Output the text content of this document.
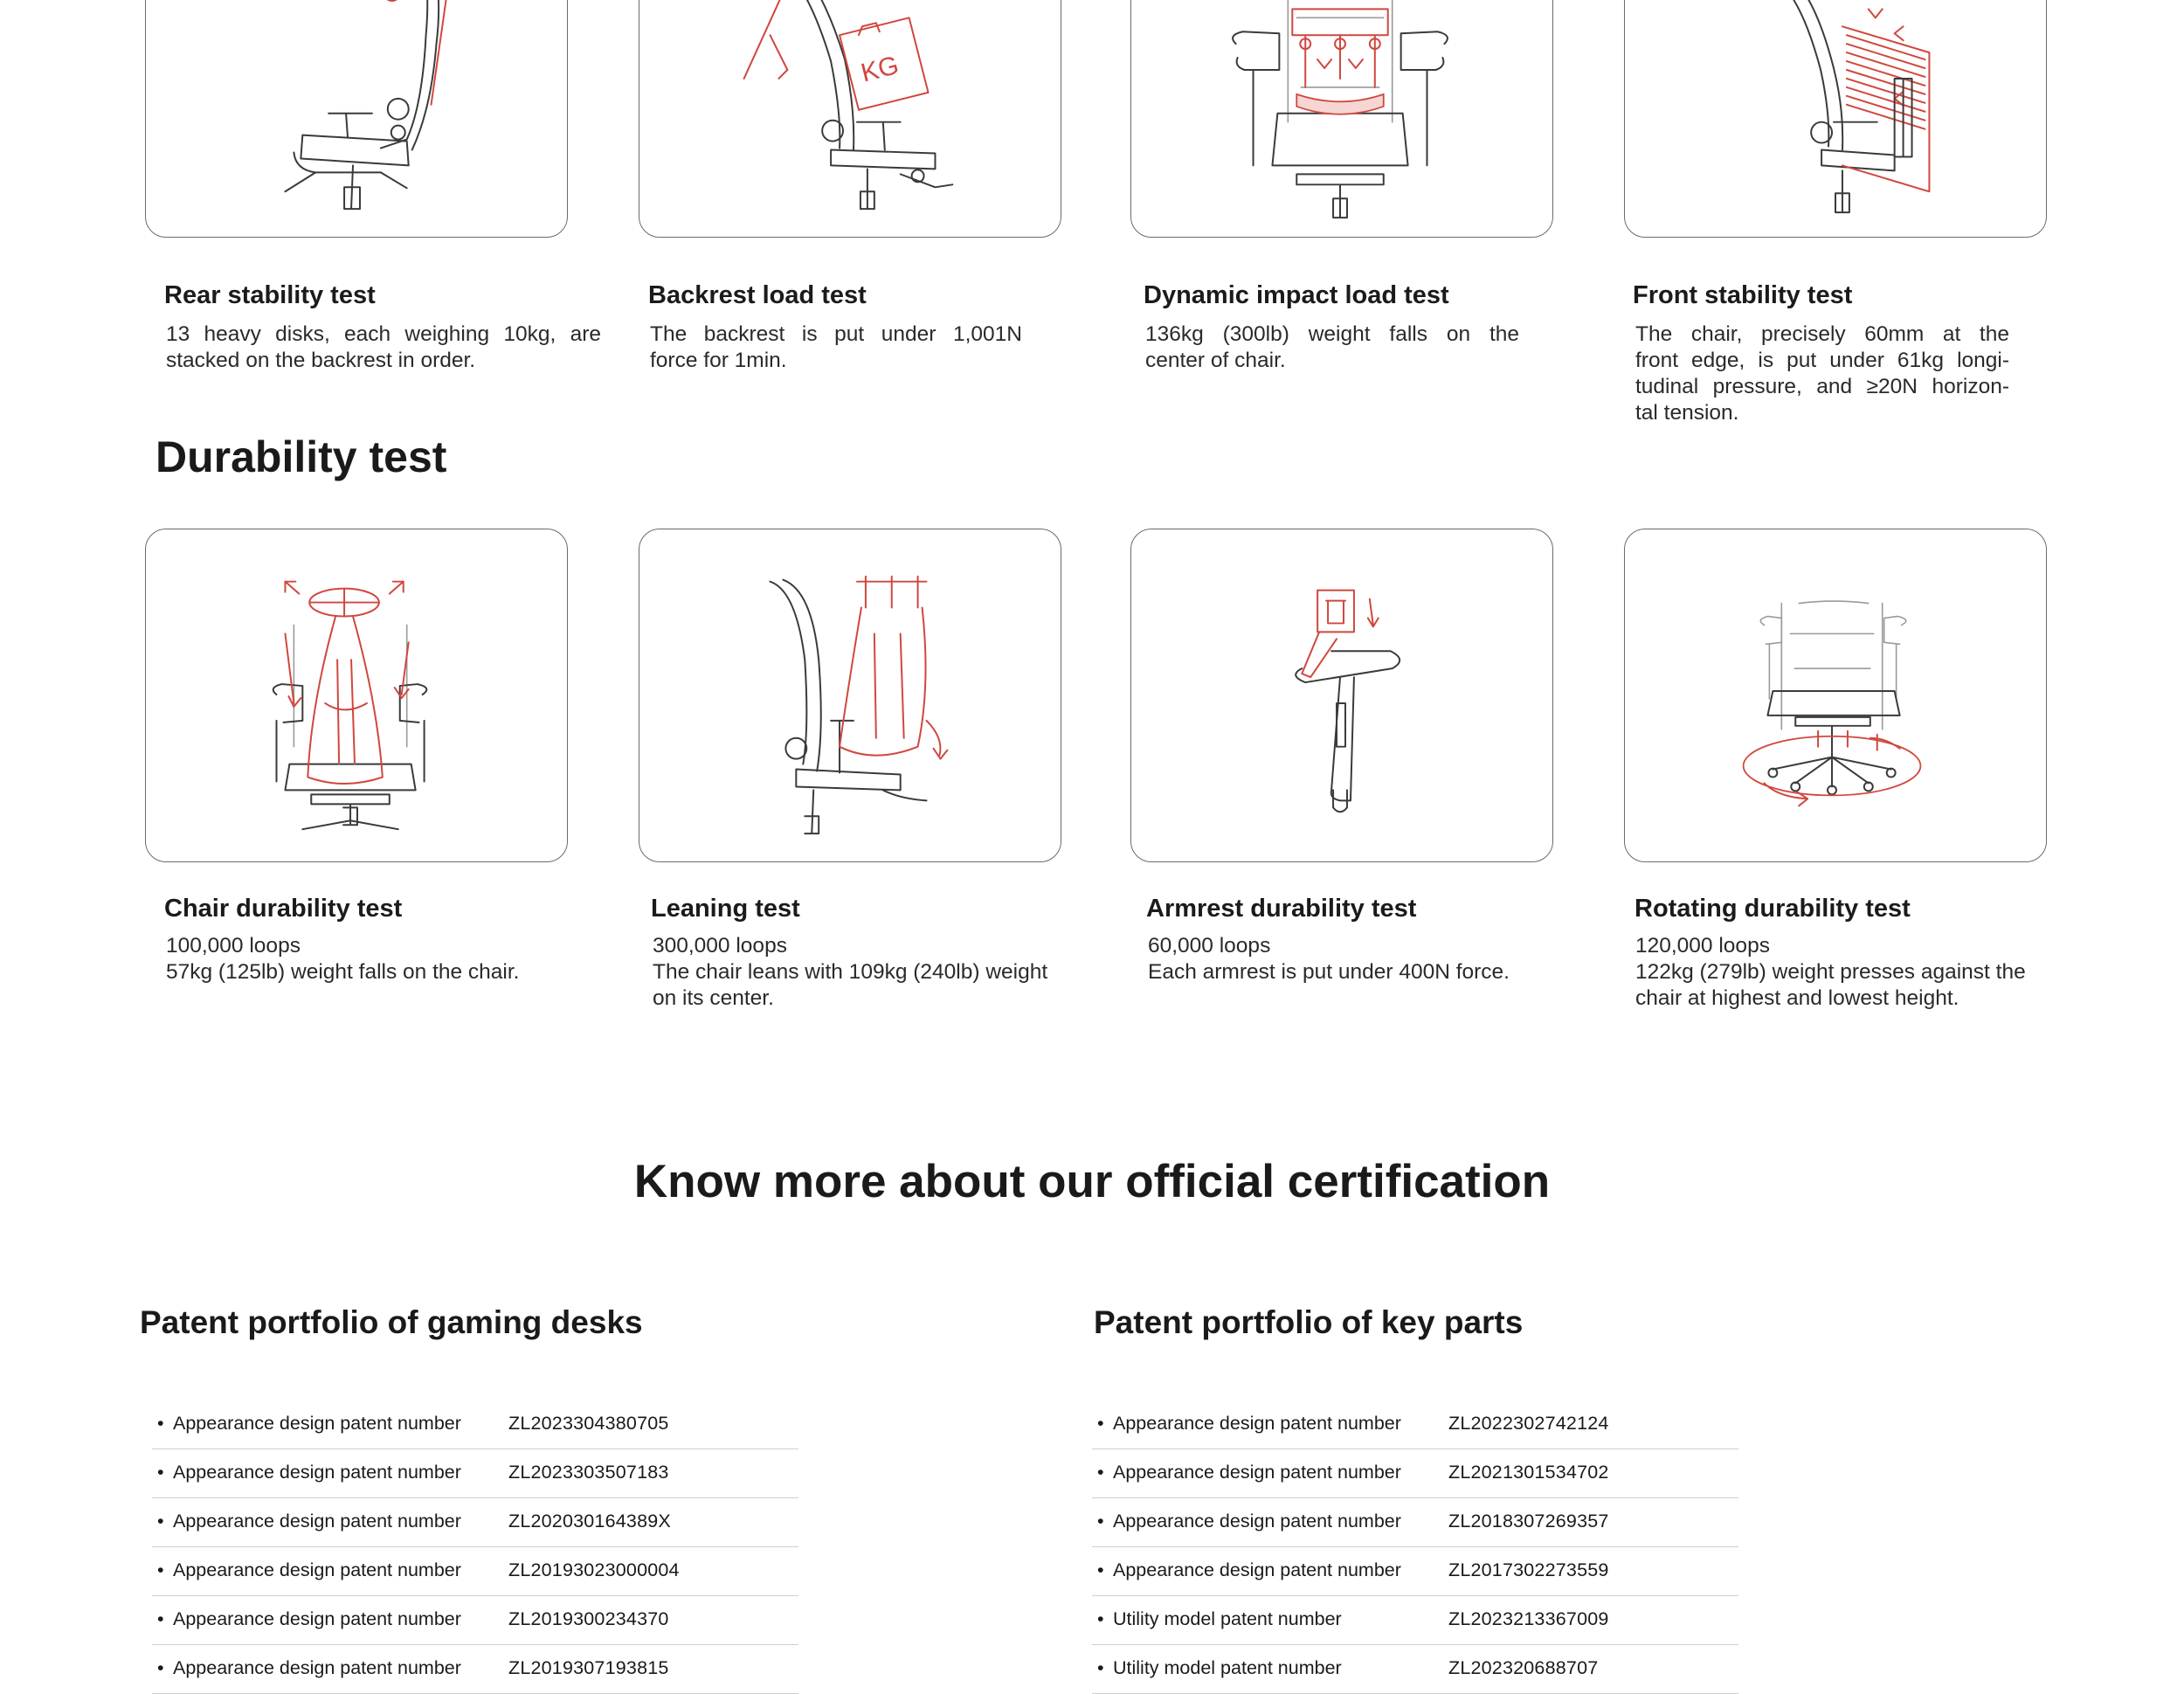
KG
Rear stability test
13 heavy disks, each weighing 10kg, are
stacked on the backrest in order.
Backrest load test
The backrest is put under 1,001N
force for 1min.
Dynamic impact load test
136kg (300lb) weight falls on the
center of chair.
Front stability test
The chair, precisely 60mm at the
front edge, is put under 61kg longi-
tudinal pressure, and ≥20N horizon-
tal tension.
Durability test
Chair durability test
100,000 loops
57kg (125lb) weight falls on the chair.
Leaning test
300,000 loops
The chair leans with 109kg (240lb) weight
on its center.
Armrest durability test
60,000 loops
Each armrest is put under 400N force.
Rotating durability test
120,000 loops
122kg (279lb) weight presses against the
chair at highest and lowest height.
Know more about our official certification
Patent portfolio of gaming desks	Patent portfolio of key parts
• Appearance design patent number	ZL2023304380705
• Appearance design patent number	ZL2023303507183
• Appearance design patent number	ZL202030164389X
• Appearance design patent number	ZL20193023000004
• Appearance design patent number	ZL2019300234370
• Appearance design patent number	ZL2019307193815
• Appearance design patent number	ZL2022302742124
• Appearance design patent number	ZL2021301534702
• Appearance design patent number	ZL2018307269357
• Appearance design patent number	ZL2017302273559
• Utility model patent number	ZL2023213367009
• Utility model patent number	ZL202320688707
